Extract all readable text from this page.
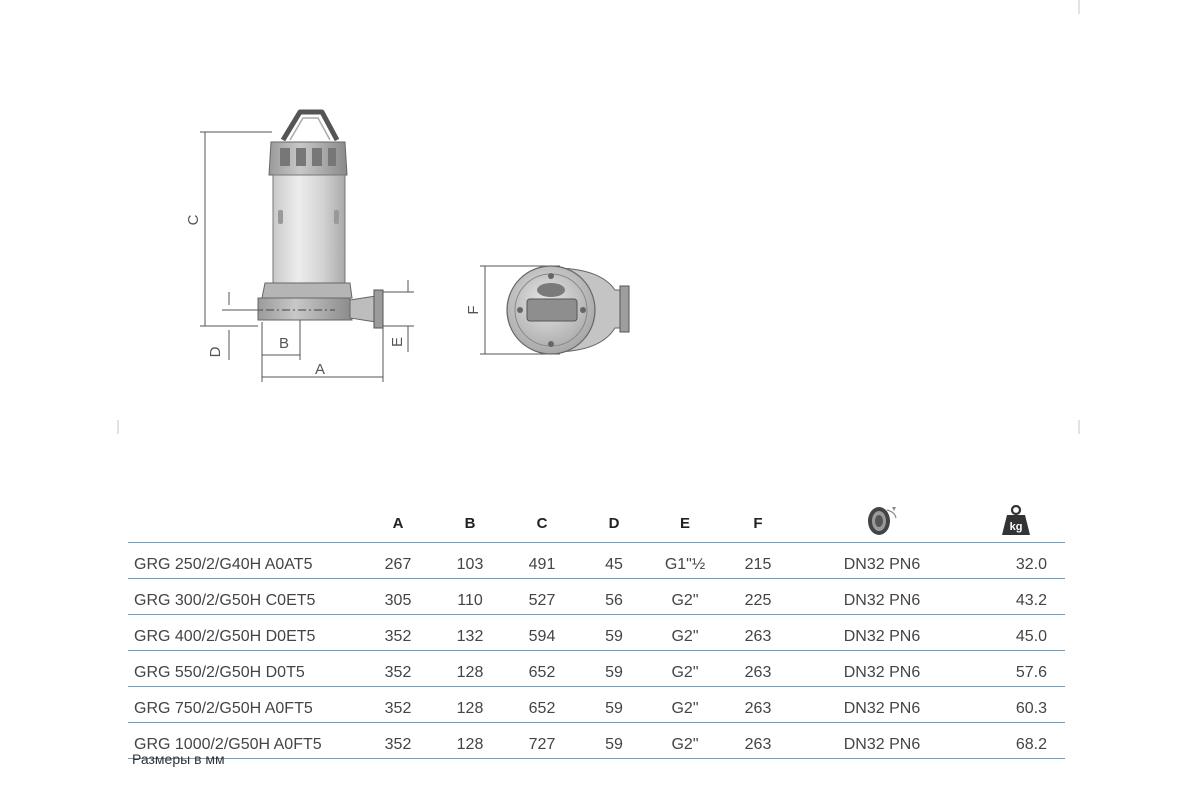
C
D	B
A
E
F
	A	B	C	D	E	F		kg

GRG 250/2/G40H A0AT5	267	103	491	45	G1"½	215	DN32 PN6	32.0
GRG 300/2/G50H C0ET5	305	110	527	56	G2"	225	DN32 PN6	43.2
GRG 400/2/G50H D0ET5	352	132	594	59	G2"	263	DN32 PN6	45.0
GRG 550/2/G50H D0T5	352	128	652	59	G2"	263	DN32 PN6	57.6
GRG 750/2/G50H A0FT5	352	128	652	59	G2"	263	DN32 PN6	60.3
GRG 1000/2/G50H A0FT5	352	128	727	59	G2"	263	DN32 PN6	68.2
Размеры в мм
